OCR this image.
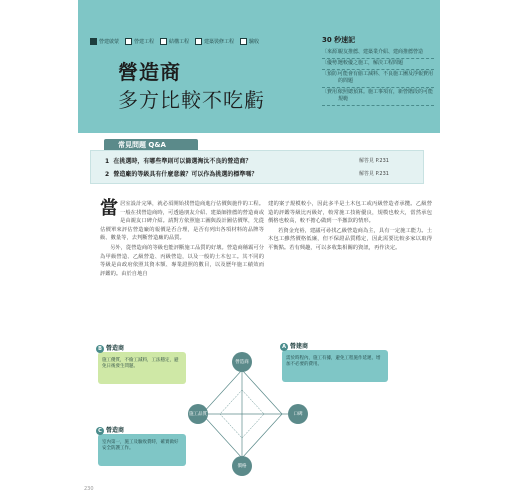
營建啟蒙	營建工程	結構工程	建築裝修工程	驗收
營造商
多方比較不吃虧
30 秒速記
〔來源〕
親友推薦、建築業介紹、建商推薦營造
〔優勢〕
選較優之施工，解決工程問題
〔預防〕
可能會有偷工減料、不良施工團及浮報費用的問題
〔費用〕
依照總預算。施工事項有，新營階段的可能規範
常見問題 Q&A
1 在挑選時，有哪些準則可以篩選淘汰不良的營造商？	解答見 P.231
2 營造廠的等級具有什麼意義？可以作為挑選的標準嗎？	解答見 P.231

當居室設計完畢，就必須開始找營造商進行估價與施作的工程。一般在找營造商時，可透過朋友介紹、建築師推薦的營造商或是由親友口碑介紹。請對方依照施工圖與設計圖估價單，先從估價單來評估營造廠的報價是否合理，是否有列出各項材料的品牌等級、數量等，去判斷營造廠的品質。

另外，從營造商的等級也能評斷施工品質的好壞。營造商稱霸可分為甲級營造、乙級營造、丙級營造，以及一般的土木包工。其不同的等級是由政府依照其資本額、專業證照的數目，以及歷年施工績效而評鑑的。由於自地自

建的案子規模較小，因此多半是土木包工或丙級營造者承攬。乙級營造的評鑑等級比丙級好，較常施工技術優良，規模也較大，當然承包價格也較高，較不擔心做到一半撤款的情形。

若資金充裕，建議可尋找乙級營造商為主，具有一定施工能力。土木包工雖然價格低廉，但不保證品質穩定，因此需要比較多家以取得平衡點。若有興趣，可以多收集相關的資訊，再作決定。

營造商
施工品質	口碑
價格
A 營建商
需於時程內，施工有據，避免工程施作延遲、增加不必要的費用。
B 營造商
施工優質，不偷工減料，工法穩定，避免日後發生問題。
C 營造商
室內第一，施工及驗收費時，確實做好安全防護工作。
230
